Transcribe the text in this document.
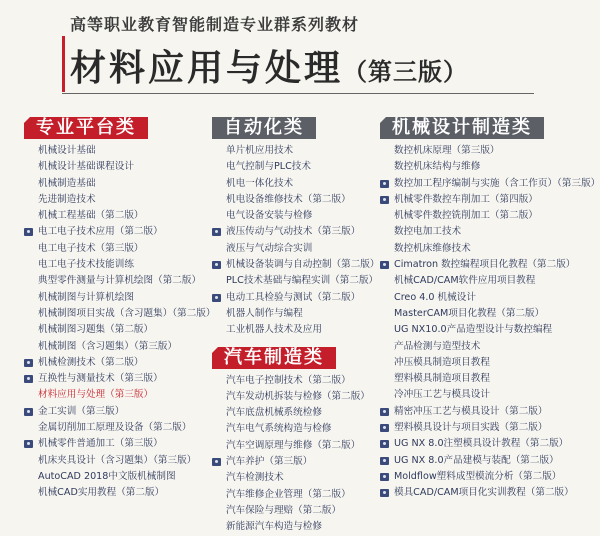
高等职业教育智能制造专业群系列教材
材料应用与处理（第三版）
专业平台类
机械设计基础
机械设计基础课程设计
机械制造基础
先进制造技术
机械工程基础（第二版）
电工电子技术应用（第二版）
电工电子技术（第三版）
电工电子技术技能训练
典型零件测量与计算机绘图（第二版）
机械制图与计算机绘图
机械制图项目实战（含习题集）（第二版）
机械制图习题集（第二版）
机械制图（含习题集）（第三版）
机械检测技术（第二版）
互换性与测量技术（第三版）
材料应用与处理（第三版）
金工实训（第三版）
金属切削加工原理及设备（第二版）
机械零件普通加工（第三版）
机床夹具设计（含习题集）（第三版）
AutoCAD 2018中文版机械制图
机械CAD实用教程（第二版）
自动化类
单片机应用技术
电气控制与PLC技术
机电一体化技术
机电设备维修技术（第二版）
电气设备安装与检修
液压传动与气动技术（第三版）
液压与气动综合实训
机械设备装调与自动控制（第二版）
PLC技术基础与编程实训（第二版）
电动工具检验与测试（第二版）
机器人制作与编程
工业机器人技术及应用
汽车制造类
汽车电子控制技术（第二版）
汽车发动机拆装与检修（第二版）
汽车底盘机械系统检修
汽车电气系统构造与检修
汽车空调原理与维修（第二版）
汽车养护（第三版）
汽车检测技术
汽车维修企业管理（第二版）
汽车保险与理赔（第二版）
新能源汽车构造与检修
机械设计制造类
数控机床原理（第三版）
数控机床结构与维修
数控加工程序编制与实施（含工作页）（第三版）
机械零件数控车削加工（第四版）
机械零件数控铣削加工（第二版）
数控电加工技术
数控机床维修技术
Cimatron 数控编程项目化教程（第二版）
机械CAD/CAM软件应用项目教程
Creo 4.0 机械设计
MasterCAM项目化教程（第二版）
UG NX10.0产品造型设计与数控编程
产品检测与造型技术
冲压模具制造项目教程
塑料模具制造项目教程
冷冲压工艺与模具设计
精密冲压工艺与模具设计（第二版）
塑料模具设计与项目实践（第二版）
UG NX 8.0注塑模具设计教程（第二版）
UG NX 8.0产品建模与装配（第二版）
Moldflow塑料成型模流分析（第二版）
模具CAD/CAM项目化实训教程（第二版）
